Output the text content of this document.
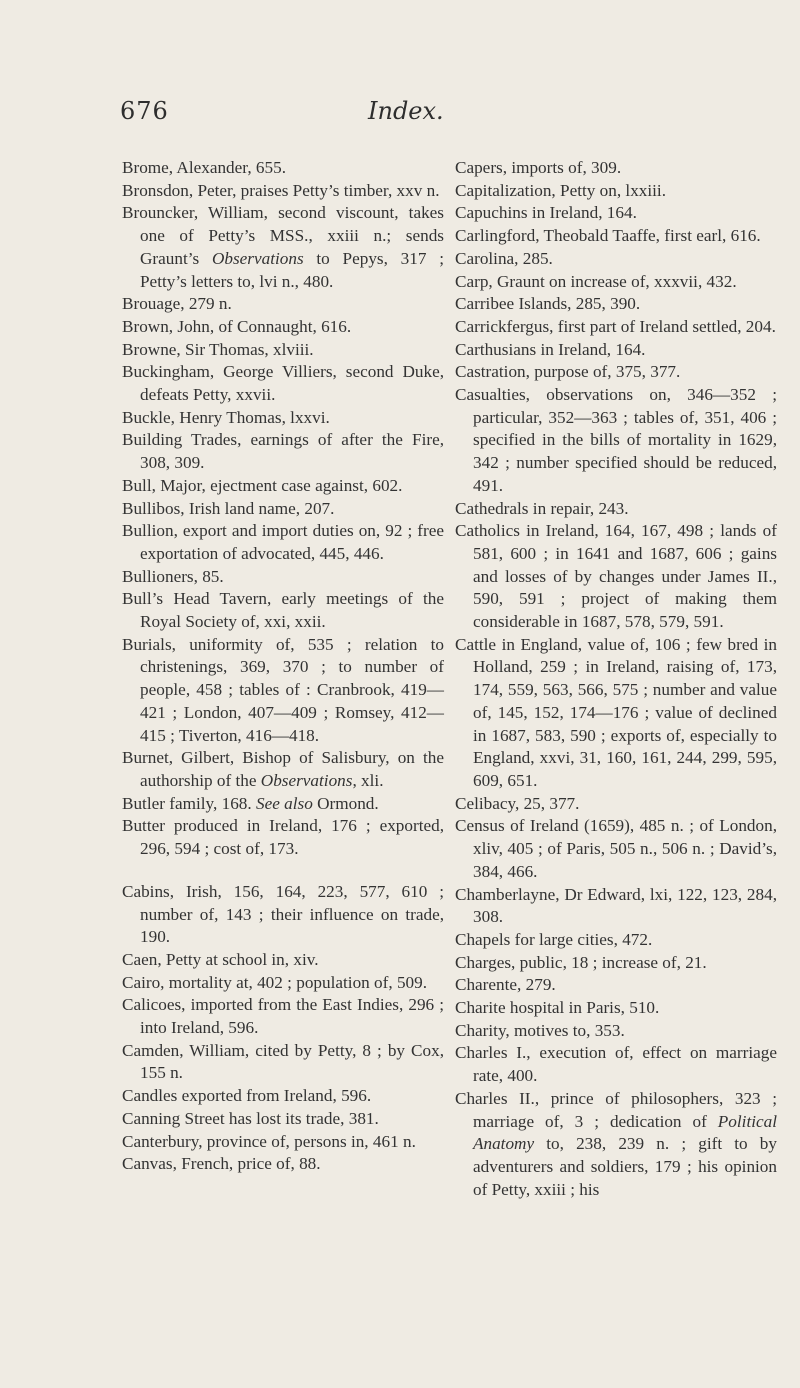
676	Index.

Brome, Alexander, 655.

Bronsdon, Peter, praises Petty’s timber, xxv n.

Brouncker, William, second viscount, takes one of Petty’s MSS., xxiii n.; sends Graunt’s Observations to Pepys, 317 ; Petty’s letters to, lvi n., 480.

Brouage, 279 n.

Brown, John, of Connaught, 616.

Browne, Sir Thomas, xlviii.

Buckingham, George Villiers, second Duke, defeats Petty, xxvii.

Buckle, Henry Thomas, lxxvi.

Building Trades, earnings of after the Fire, 308, 309.

Bull, Major, ejectment case against, 602.

Bullibos, Irish land name, 207.

Bullion, export and import duties on, 92 ; free exportation of advocated, 445, 446.

Bullioners, 85.

Bull’s Head Tavern, early meetings of the Royal Society of, xxi, xxii.

Burials, uniformity of, 535 ; relation to christenings, 369, 370 ; to number of people, 458 ; tables of : Cranbrook, 419—421 ; London, 407—409 ; Romsey, 412—415 ; Tiverton, 416—418.

Burnet, Gilbert, Bishop of Salisbury, on the authorship of the Observations, xli.

Butler family, 168. See also Ormond.

Butter produced in Ireland, 176 ; exported, 296, 594 ; cost of, 173.

Cabins, Irish, 156, 164, 223, 577, 610 ; number of, 143 ; their influence on trade, 190.

Caen, Petty at school in, xiv.

Cairo, mortality at, 402 ; population of, 509.

Calicoes, imported from the East Indies, 296 ; into Ireland, 596.

Camden, William, cited by Petty, 8 ; by Cox, 155 n.

Candles exported from Ireland, 596.

Canning Street has lost its trade, 381.

Canterbury, province of, persons in, 461 n.

Canvas, French, price of, 88.

Capers, imports of, 309.

Capitalization, Petty on, lxxiii.

Capuchins in Ireland, 164.

Carlingford, Theobald Taaffe, first earl, 616.

Carolina, 285.

Carp, Graunt on increase of, xxxvii, 432.

Carribee Islands, 285, 390.

Carrickfergus, first part of Ireland settled, 204.

Carthusians in Ireland, 164.

Castration, purpose of, 375, 377.

Casualties, observations on, 346—352 ; particular, 352—363 ; tables of, 351, 406 ; specified in the bills of mortality in 1629, 342 ; number specified should be reduced, 491.

Cathedrals in repair, 243.

Catholics in Ireland, 164, 167, 498 ; lands of 581, 600 ; in 1641 and 1687, 606 ; gains and losses of by changes under James II., 590, 591 ; project of making them considerable in 1687, 578, 579, 591.

Cattle in England, value of, 106 ; few bred in Holland, 259 ; in Ireland, raising of, 173, 174, 559, 563, 566, 575 ; number and value of, 145, 152, 174—176 ; value of declined in 1687, 583, 590 ; exports of, especially to England, xxvi, 31, 160, 161, 244, 299, 595, 609, 651.

Celibacy, 25, 377.

Census of Ireland (1659), 485 n. ; of London, xliv, 405 ; of Paris, 505 n., 506 n. ; David’s, 384, 466.

Chamberlayne, Dr Edward, lxi, 122, 123, 284, 308.

Chapels for large cities, 472.

Charges, public, 18 ; increase of, 21.

Charente, 279.

Charite hospital in Paris, 510.

Charity, motives to, 353.

Charles I., execution of, effect on marriage rate, 400.

Charles II., prince of philosophers, 323 ; marriage of, 3 ; dedication of Political Anatomy to, 238, 239 n. ; gift to by adventurers and soldiers, 179 ; his opinion of Petty, xxiii ; his
